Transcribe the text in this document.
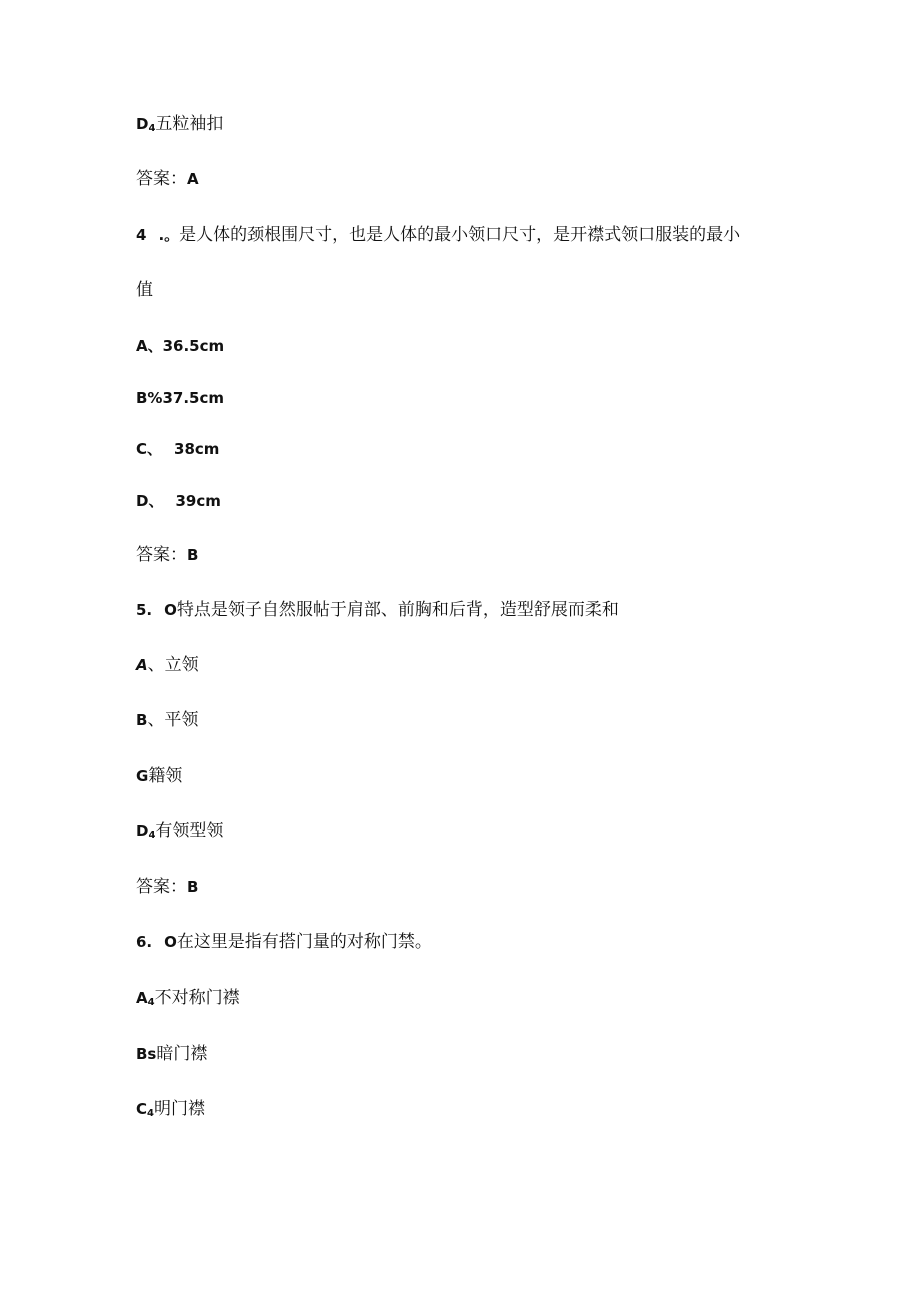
$D_4$五粒袖扣
答案：A
4 .。是人体的颈根围尺寸，也是人体的最小领口尺寸，是开襟式领口服装的最小
值
A、36.5cm
B%37.5cm
C、 38cm
D、 39cm
答案：B
5. O特点是领子自然服帖于肩部、前胸和后背，造型舒展而柔和
A、立领
B、平领
G籍领
$D_4$有领型领
答案：B
6. O在这里是指有搭门量的对称门禁。
$A_4$不对称门襟
Bs暗门襟
$C_4$明门襟
